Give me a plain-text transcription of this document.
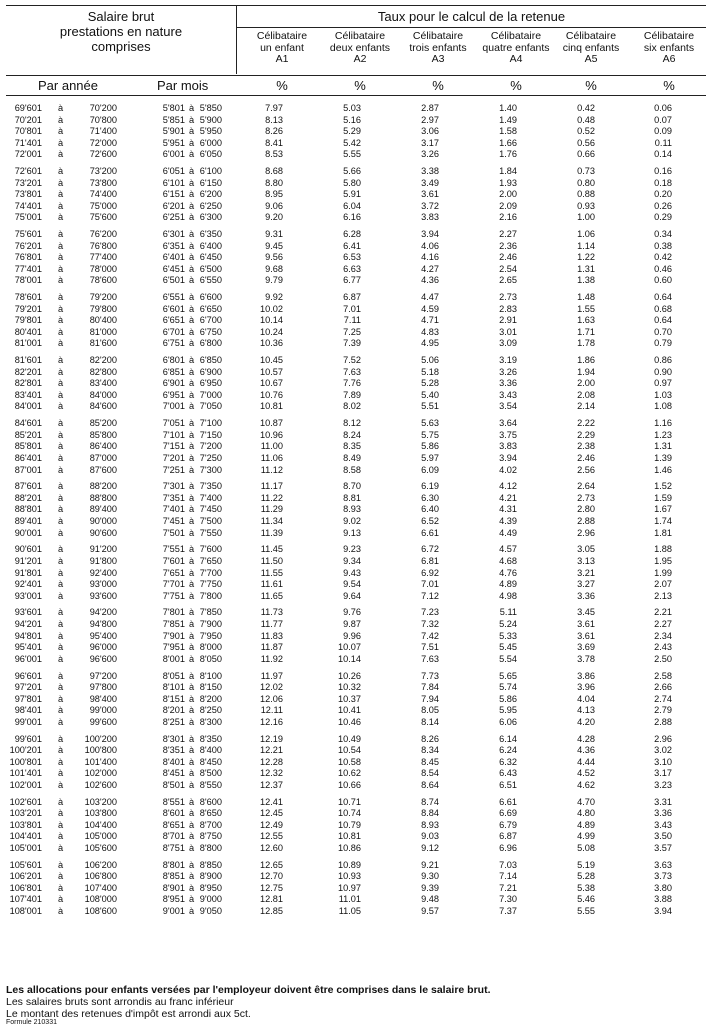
Salaire brut
prestations en nature
comprises
Taux pour le calcul de la retenue
Célibataire
un enfant
A1
Célibataire
deux enfants
A2
Célibataire
trois enfants
A3
Célibataire
quatre enfants
A4
Célibataire
cinq enfants
A5
Célibataire
six enfants
A6
Par année	Par mois	%	%	%	%	%	%
69'601 à	70'200	5'801 à 5'850	7.97	5.03	2.87	1.40	0.42	0.06
70'201 à	70'800	5'851 à 5'900	8.13	5.16	2.97	1.49	0.48	0.07
70'801 à	71'400	5'901 à 5'950	8.26	5.29	3.06	1.58	0.52	0.09
71'401 à	72'000	5'951 à 6'000	8.41	5.42	3.17	1.66	0.56	0.11
72'001 à	72'600	6'001 à 6'050	8.53	5.55	3.26	1.76	0.66	0.14
72'601 à	73'200	6'051 à 6'100	8.68	5.66	3.38	1.84	0.73	0.16
73'201 à	73'800	6'101 à 6'150	8.80	5.80	3.49	1.93	0.80	0.18
73'801 à	74'400	6'151 à 6'200	8.95	5.91	3.61	2.00	0.88	0.20
74'401 à	75'000	6'201 à 6'250	9.06	6.04	3.72	2.09	0.93	0.26
75'001 à	75'600	6'251 à 6'300	9.20	6.16	3.83	2.16	1.00	0.29
75'601 à	76'200	6'301 à 6'350	9.31	6.28	3.94	2.27	1.06	0.34
76'201 à	76'800	6'351 à 6'400	9.45	6.41	4.06	2.36	1.14	0.38
76'801 à	77'400	6'401 à 6'450	9.56	6.53	4.16	2.46	1.22	0.42
77'401 à	78'000	6'451 à 6'500	9.68	6.63	4.27	2.54	1.31	0.46
78'001 à	78'600	6'501 à 6'550	9.79	6.77	4.36	2.65	1.38	0.60
78'601 à	79'200	6'551 à 6'600	9.92	6.87	4.47	2.73	1.48	0.64
79'201 à	79'800	6'601 à 6'650	10.02	7.01	4.59	2.83	1.55	0.68
79'801 à	80'400	6'651 à 6'700	10.14	7.11	4.71	2.91	1.63	0.64
80'401 à	81'000	6'701 à 6'750	10.24	7.25	4.83	3.01	1.71	0.70
81'001 à	81'600	6'751 à 6'800	10.36	7.39	4.95	3.09	1.78	0.79
81'601 à	82'200	6'801 à 6'850	10.45	7.52	5.06	3.19	1.86	0.86
82'201 à	82'800	6'851 à 6'900	10.57	7.63	5.18	3.26	1.94	0.90
82'801 à	83'400	6'901 à 6'950	10.67	7.76	5.28	3.36	2.00	0.97
83'401 à	84'000	6'951 à 7'000	10.76	7.89	5.40	3.43	2.08	1.03
84'001 à	84'600	7'001 à 7'050	10.81	8.02	5.51	3.54	2.14	1.08
84'601 à	85'200	7'051 à 7'100	10.87	8.12	5.63	3.64	2.22	1.16
85'201 à	85'800	7'101 à 7'150	10.96	8.24	5.75	3.75	2.29	1.23
85'801 à	86'400	7'151 à 7'200	11.00	8.35	5.86	3.83	2.38	1.31
86'401 à	87'000	7'201 à 7'250	11.06	8.49	5.97	3.94	2.46	1.39
87'001 à	87'600	7'251 à 7'300	11.12	8.58	6.09	4.02	2.56	1.46
87'601 à	88'200	7'301 à 7'350	11.17	8.70	6.19	4.12	2.64	1.52
88'201 à	88'800	7'351 à 7'400	11.22	8.81	6.30	4.21	2.73	1.59
88'801 à	89'400	7'401 à 7'450	11.29	8.93	6.40	4.31	2.80	1.67
89'401 à	90'000	7'451 à 7'500	11.34	9.02	6.52	4.39	2.88	1.74
90'001 à	90'600	7'501 à 7'550	11.39	9.13	6.61	4.49	2.96	1.81
90'601 à	91'200	7'551 à 7'600	11.45	9.23	6.72	4.57	3.05	1.88
91'201 à	91'800	7'601 à 7'650	11.50	9.34	6.81	4.68	3.13	1.95
91'801 à	92'400	7'651 à 7'700	11.55	9.43	6.92	4.76	3.21	1.99
92'401 à	93'000	7'701 à 7'750	11.61	9.54	7.01	4.89	3.27	2.07
93'001 à	93'600	7'751 à 7'800	11.65	9.64	7.12	4.98	3.36	2.13
93'601 à	94'200	7'801 à 7'850	11.73	9.76	7.23	5.11	3.45	2.21
94'201 à	94'800	7'851 à 7'900	11.77	9.87	7.32	5.24	3.61	2.27
94'801 à	95'400	7'901 à 7'950	11.83	9.96	7.42	5.33	3.61	2.34
95'401 à	96'000	7'951 à 8'000	11.87	10.07	7.51	5.45	3.69	2.43
96'001 à	96'600	8'001 à 8'050	11.92	10.14	7.63	5.54	3.78	2.50
96'601 à	97'200	8'051 à 8'100	11.97	10.26	7.73	5.65	3.86	2.58
97'201 à	97'800	8'101 à 8'150	12.02	10.32	7.84	5.74	3.96	2.66
97'801 à	98'400	8'151 à 8'200	12.06	10.37	7.94	5.86	4.04	2.74
98'401 à	99'000	8'201 à 8'250	12.11	10.41	8.05	5.95	4.13	2.79
99'001 à	99'600	8'251 à 8'300	12.16	10.46	8.14	6.06	4.20	2.88
99'601 à	100'200	8'301 à 8'350	12.19	10.49	8.26	6.14	4.28	2.96
100'201 à	100'800	8'351 à 8'400	12.21	10.54	8.34	6.24	4.36	3.02
100'801 à	101'400	8'401 à 8'450	12.28	10.58	8.45	6.32	4.44	3.10
101'401 à	102'000	8'451 à 8'500	12.32	10.62	8.54	6.43	4.52	3.17
102'001 à	102'600	8'501 à 8'550	12.37	10.66	8.64	6.51	4.62	3.23
102'601 à	103'200	8'551 à 8'600	12.41	10.71	8.74	6.61	4.70	3.31
103'201 à	103'800	8'601 à 8'650	12.45	10.74	8.84	6.69	4.80	3.36
103'801 à	104'400	8'651 à 8'700	12.49	10.79	8.93	6.79	4.89	3.43
104'401 à	105'000	8'701 à 8'750	12.55	10.81	9.03	6.87	4.99	3.50
105'001 à	105'600	8'751 à 8'800	12.60	10.86	9.12	6.96	5.08	3.57
105'601 à	106'200	8'801 à 8'850	12.65	10.89	9.21	7.03	5.19	3.63
106'201 à	106'800	8'851 à 8'900	12.70	10.93	9.30	7.14	5.28	3.73
106'801 à	107'400	8'901 à 8'950	12.75	10.97	9.39	7.21	5.38	3.80
107'401 à	108'000	8'951 à 9'000	12.81	11.01	9.48	7.30	5.46	3.88
108'001 à	108'600	9'001 à 9'050	12.85	11.05	9.57	7.37	5.55	3.94
Les allocations pour enfants versées par l'employeur doivent être comprises dans le salaire brut.
Les salaires bruts sont arrondis au franc inférieur
Le montant des retenues d'impôt est arrondi aux 5ct.
Formule 210331
